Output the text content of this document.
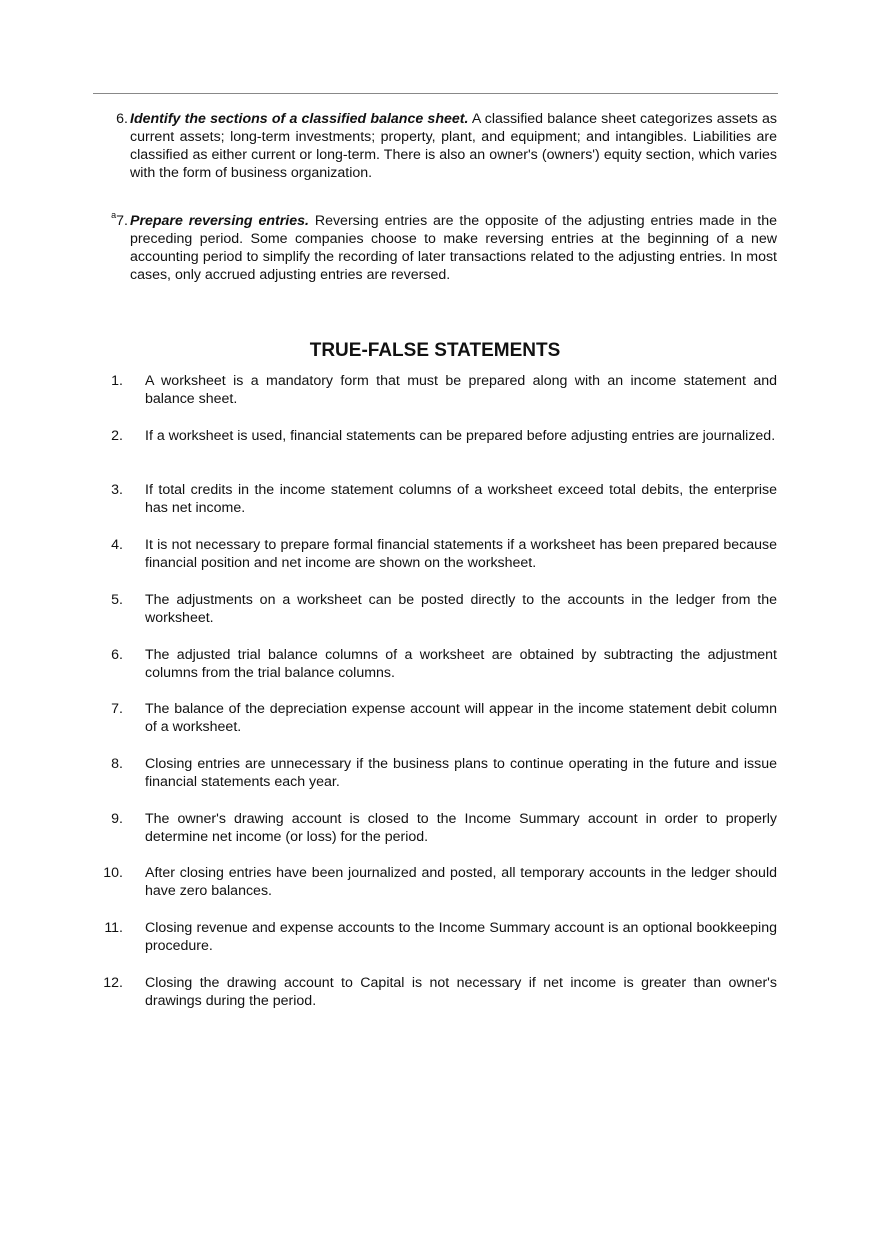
6. Identify the sections of a classified balance sheet. A classified balance sheet categorizes assets as current assets; long-term investments; property, plant, and equipment; and intangibles. Liabilities are classified as either current or long-term. There is also an owner's (owners') equity section, which varies with the form of business organization.
$^a$7. Prepare reversing entries. Reversing entries are the opposite of the adjusting entries made in the preceding period. Some companies choose to make reversing entries at the beginning of a new accounting period to simplify the recording of later transactions related to the adjusting entries. In most cases, only accrued adjusting entries are reversed.
TRUE-FALSE STATEMENTS
1. A worksheet is a mandatory form that must be prepared along with an income statement and balance sheet.
2. If a worksheet is used, financial statements can be prepared before adjusting entries are journalized.
3. If total credits in the income statement columns of a worksheet exceed total debits, the enterprise has net income.
4. It is not necessary to prepare formal financial statements if a worksheet has been prepared because financial position and net income are shown on the worksheet.
5. The adjustments on a worksheet can be posted directly to the accounts in the ledger from the worksheet.
6. The adjusted trial balance columns of a worksheet are obtained by subtracting the adjustment columns from the trial balance columns.
7. The balance of the depreciation expense account will appear in the income statement debit column of a worksheet.
8. Closing entries are unnecessary if the business plans to continue operating in the future and issue financial statements each year.
9. The owner's drawing account is closed to the Income Summary account in order to properly determine net income (or loss) for the period.
10. After closing entries have been journalized and posted, all temporary accounts in the ledger should have zero balances.
11. Closing revenue and expense accounts to the Income Summary account is an optional bookkeeping procedure.
12. Closing the drawing account to Capital is not necessary if net income is greater than owner's drawings during the period.
